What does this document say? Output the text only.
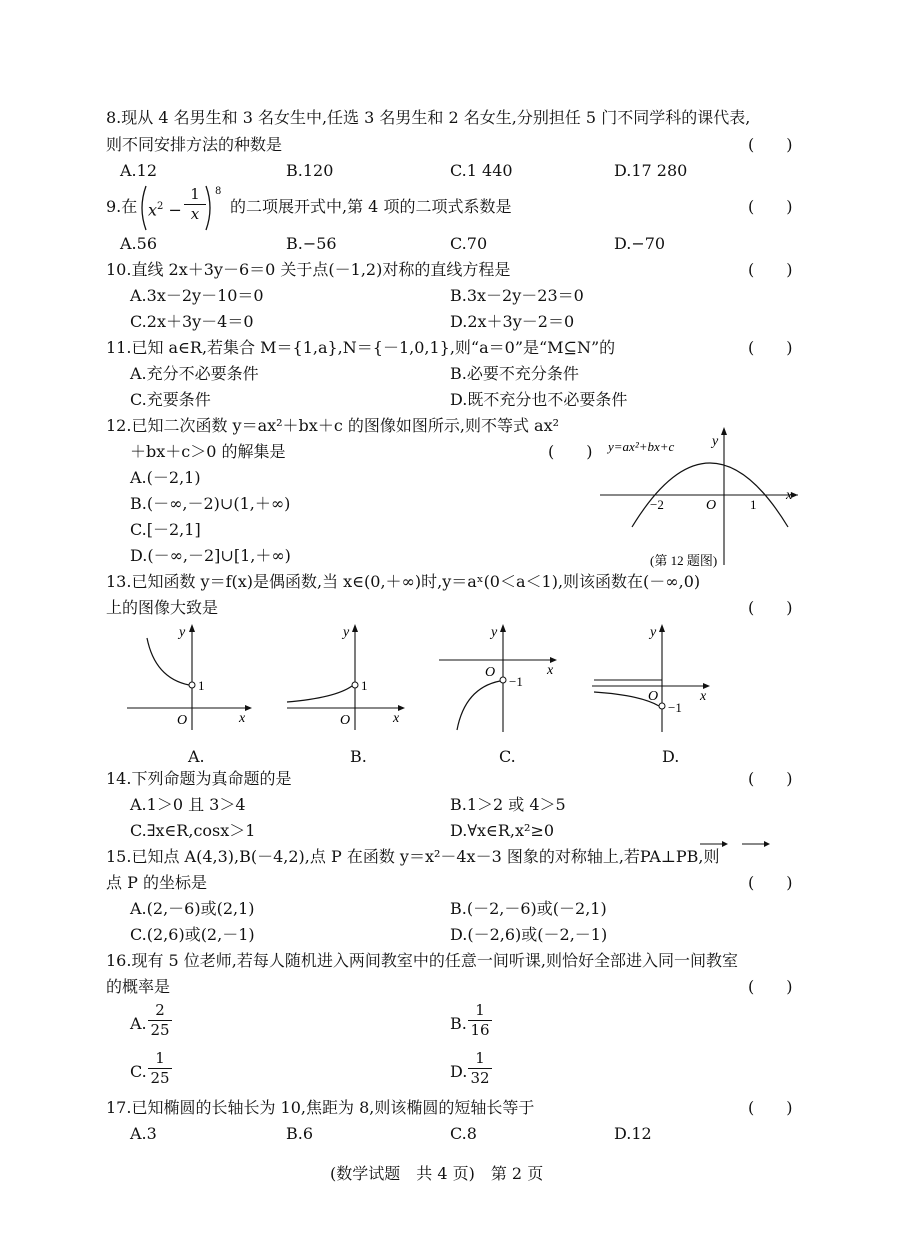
8.现从 4 名男生和 3 名女生中,任选 3 名男生和 2 名女生,分别担任 5 门不同学科的课代表,
则不同安排方法的种数是	(　　)
A.12	B.120	C.1 440	D.17 280
9.在 $x^2 - \frac{1}{x} 8$
的二项展开式中,第 4 项的二项式系数是	(　　)
A.56	B.−56	C.70	D.−70
10.直线 2x＋3y－6＝0 关于点(－1,2)对称的直线方程是	(　　)
A.3x－2y－10＝0	B.3x－2y－23＝0
C.2x＋3y－4＝0	D.2x＋3y－2＝0
11.已知 a∈R,若集合 M＝{1,a},N＝{－1,0,1},则“a＝0”是“M⊆N”的	(　　)
A.充分不必要条件	B.必要不充分条件
C.充要条件	D.既不充分也不必要条件
12.已知二次函数 y＝ax²＋bx＋c 的图像如图所示,则不等式 ax²
＋bx＋c＞0 的解集是	(　　)
A.(－2,1)
B.(－∞,－2)∪(1,＋∞)
C.[－2,1]
D.(－∞,－2]∪[1,＋∞)
x
y
y=ax²+bx+c
O
−2	1
(第 12 题图)
13.已知函数 y＝f(x)是偶函数,当 x∈(0,＋∞)时,y＝aˣ(0＜a＜1),则该函数在(－∞,0)
上的图像大致是	(　　)
y
x
O
1
A.
y
x
O
1
B.
y
x
O
−1
C.
y
x
O
−1
D.
14.下列命题为真命题的是	(　　)
A.1＞0 且 3＞4	B.1＞2 或 4＞5
C.∃x∈R,cosx＞1	D.∀x∈R,x²≥0
15.已知点 A(4,3),B(－4,2),点 P 在函数 y＝x²－4x－3 图象的对称轴上,若PA⊥PB,则
点 P 的坐标是	(　　)
A.(2,－6)或(2,1)	B.(－2,－6)或(－2,1)
C.(2,6)或(2,－1)	D.(－2,6)或(－2,－1)
16.现有 5 位老师,若每人随机进入两间教室中的任意一间听课,则恰好全部进入同一间教室
的概率是	(　　)
A. $\frac{2}{25}$	B. $\frac{1}{16}$
C. $\frac{1}{25}$	D. $\frac{1}{32}$
17.已知椭圆的长轴长为 10,焦距为 8,则该椭圆的短轴长等于	(　　)
A.3	B.6	C.8	D.12
(数学试题　共 4 页)　第 2 页
